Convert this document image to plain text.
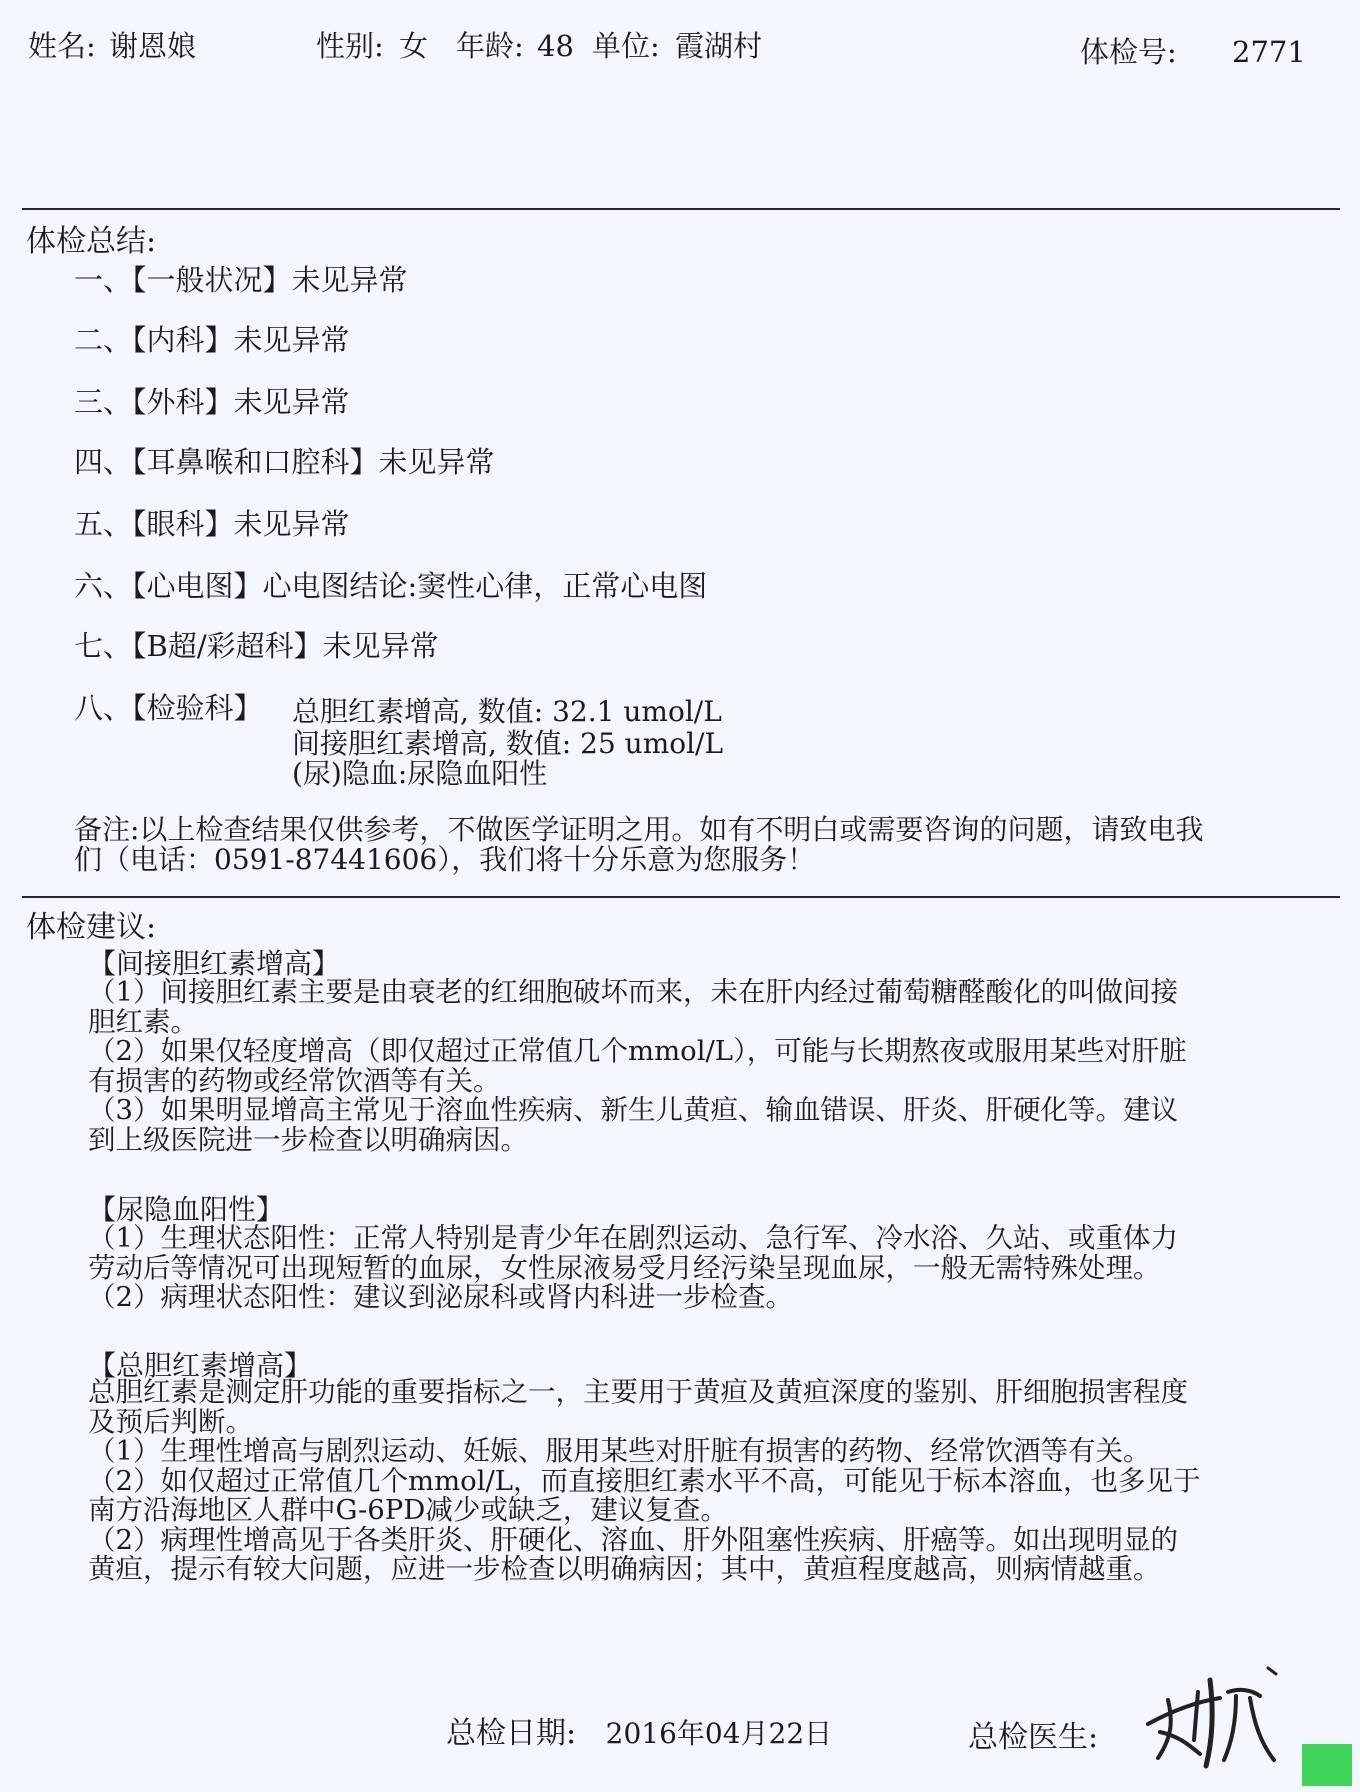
姓名: 谢恩娘	性别: 女 年龄: 48 单位: 霞湖村	体检号: 2771
体检总结:
一、【一般状况】未见异常
二、【内科】未见异常
三、【外科】未见异常
四、【耳鼻喉和口腔科】未见异常
五、【眼科】未见异常
六、【心电图】心电图结论:窦性心律，正常心电图
七、【B超/彩超科】未见异常
八、【检验科】 总胆红素增高, 数值: 32.1 umol/L
间接胆红素增高, 数值: 25 umol/L
(尿)隐血:尿隐血阳性
备注:以上检查结果仅供参考，不做医学证明之用。如有不明白或需要咨询的问题，请致电我
们（电话：0591-87441606），我们将十分乐意为您服务！
体检建议:
【间接胆红素增高】
（1）间接胆红素主要是由衰老的红细胞破坏而来，未在肝内经过葡萄糖醛酸化的叫做间接
胆红素。
（2）如果仅轻度增高（即仅超过正常值几个mmol/L），可能与长期熬夜或服用某些对肝脏
有损害的药物或经常饮酒等有关。
（3）如果明显增高主常见于溶血性疾病、新生儿黄疸、输血错误、肝炎、肝硬化等。建议
到上级医院进一步检查以明确病因。
【尿隐血阳性】
（1）生理状态阳性：正常人特别是青少年在剧烈运动、急行军、冷水浴、久站、或重体力
劳动后等情况可出现短暂的血尿，女性尿液易受月经污染呈现血尿，一般无需特殊处理。
（2）病理状态阳性：建议到泌尿科或肾内科进一步检查。
【总胆红素增高】
总胆红素是测定肝功能的重要指标之一，主要用于黄疸及黄疸深度的鉴别、肝细胞损害程度
及预后判断。
（1）生理性增高与剧烈运动、妊娠、服用某些对肝脏有损害的药物、经常饮酒等有关。
（2）如仅超过正常值几个mmol/L，而直接胆红素水平不高，可能见于标本溶血，也多见于
南方沿海地区人群中G-6PD减少或缺乏，建议复查。
（2）病理性增高见于各类肝炎、肝硬化、溶血、肝外阻塞性疾病、肝癌等。如出现明显的
黄疸，提示有较大问题，应进一步检查以明确病因；其中，黄疸程度越高，则病情越重。
总检日期: 2016年04月22日	总检医生:
